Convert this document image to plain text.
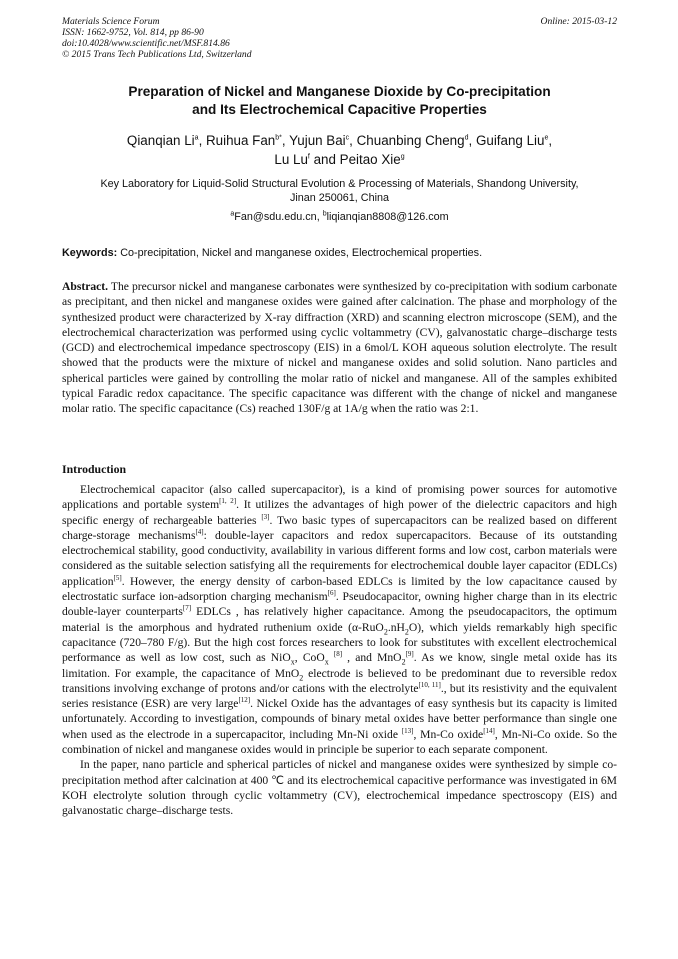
Materials Science Forum
ISSN: 1662-9752, Vol. 814, pp 86-90
doi:10.4028/www.scientific.net/MSF.814.86
© 2015 Trans Tech Publications Ltd, Switzerland
Online: 2015-03-12
Preparation of Nickel and Manganese Dioxide by Co-precipitation
and Its Electrochemical Capacitive Properties
Qianqian Li$^a$, Ruihua Fan$^{b*}$, Yujun Bai$^c$, Chuanbing Cheng$^d$, Guifang Liu$^e$,
Lu Lu$^f$ and Peitao Xie$^g$
Key Laboratory for Liquid-Solid Structural Evolution & Processing of Materials, Shandong University,
Jinan 250061, China
$^a$Fan@sdu.edu.cn, $^b$liqianqian8808@126.com
Keywords: Co-precipitation, Nickel and manganese oxides, Electrochemical properties.
Abstract. The precursor nickel and manganese carbonates were synthesized by co-precipitation with sodium carbonate as precipitant, and then nickel and manganese oxides were gained after calcination. The phase and morphology of the synthesized product were characterized by X-ray diffraction (XRD) and scanning electron microscope (SEM), and the electrochemical characterization was performed using cyclic voltammetry (CV), galvanostatic charge–discharge tests (GCD) and electrochemical impedance spectroscopy (EIS) in a 6mol/L KOH aqueous solution electrolyte. The result showed that the products were the mixture of nickel and manganese oxides and solid solution. Nano particles and spherical particles were gained by controlling the molar ratio of nickel and manganese. All of the samples exhibited typical Faradic redox capacitance. The specific capacitance was different with the change of nickel and manganese molar ratio. The specific capacitance (Cs) reached 130F/g at 1A/g when the ratio was 2:1.
Introduction

Electrochemical capacitor (also called supercapacitor), is a kind of promising power sources for automotive applications and portable system[1, 2]. It utilizes the advantages of high power of the dielectric capacitors and high specific energy of rechargeable batteries [3]. Two basic types of supercapacitors can be realized based on different charge-storage mechanisms[4]: double-layer capacitors and redox supercapacitors. Because of its outstanding electrochemical stability, good conductivity, availability in various different forms and low cost, carbon materials were considered as the suitable selection satisfying all the requirements for electrochemical double layer capacitor (EDLCs) application[5]. However, the energy density of carbon-based EDLCs is limited by the low capacitance caused by electrostatic surface ion-adsorption charging mechanism[6]. Pseudocapacitor, owning higher charge than in its electric double-layer counterparts[7] EDLCs , has relatively higher capacitance. Among the pseudocapacitors, the optimum material is the amorphous and hydrated ruthenium oxide $(\alpha-RuO_2.nH_2O)$, which yields remarkably high specific capacitance (720–780 F/g). But the high cost forces researchers to look for substitutes with excellent electrochemical performance as well as low cost, such as NiO$_x$, CoO$_x$ [8] , and MnO$_2$[9]. As we know, single metal oxide has its limitation. For example, the capacitance of MnO$_2$ electrode is believed to be predominant due to reversible redox transitions involving exchange of protons and/or cations with the electrolyte[10, 11]., but its resistivity and the equivalent series resistance (ESR) are very large[12]. Nickel Oxide has the advantages of easy synthesis but its capacity is limited unfortunately. According to investigation, compounds of binary metal oxides have better performance than single one when used as the electrode in a supercapacitor, including Mn-Ni oxide [13], Mn-Co oxide[14], Mn-Ni-Co oxide. So the combination of nickel and manganese oxides would in principle be superior to each separate component.

In the paper, nano particle and spherical particles of nickel and manganese oxides were synthesized by simple co-precipitation method after calcination at 400 ℃ and its electrochemical capacitive performance was investigated in 6M KOH electrolyte solution through cyclic voltammetry (CV), electrochemical impedance spectroscopy (EIS) and galvanostatic charge–discharge tests.
